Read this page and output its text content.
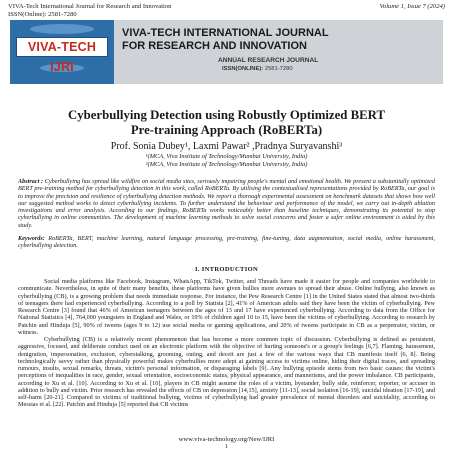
VIVA-Tech International Journal for Research and Innovation
ISSN(Online): 2581-7280
Volume 1, Issue 7 (2024)
VIVA-TECH IJRI
VIVA-TECH INTERNATIONAL JOURNAL
FOR RESEARCH AND INNOVATION
ANNUAL RESEARCH JOURNAL
ISSN(ONLINE): 2581-7280
Cyberbullying Detection using Robustly Optimized BERT
Pre-training Approach (RoBERTa)
Prof. Sonia Dubey¹, Laxmi Pawar² ,Pradnya Suryavanshi³
¹(MCA, Viva Institute of Technology/Mumbai University, India)
²(MCA, Viva Institute of Technology/Mumbai University, India)
Abstract : Cyberbullying has spread like wildfire on social media sites, seriously impairing people's mental and emotional health. We present a substantially optimized BERT pre-training method for cyberbullying detection in this work, called RoBERTa. By utilising the contextualised representations provided by RoBERTa, our goal is to improve the precision and resilience of cyberbullying detection methods. We report a thorough experimental assessment on benchmark datasets that shows how well our suggested method works to detect cyberbullying incidents. To further understand the behaviour and performance of the model, we carry out in-depth ablation investigations and error analysis. According to our findings, RoBERTa works noticeably better than baseline techniques, demonstrating its potential to stop cyberbullying in online communities. The development of machine learning methods to solve social concerns and foster a safer online environment is aided by this study.
Keywords: RoBERTa, BERT, machine learning, natural language processing, pre-training, fine-tuning, data augmentation, social media, online harassment, cyberbullying detection.
I. INTRODUCTION

Social media platforms like Facebook, Instagram, WhatsApp, TikTok, Twitter, and Threads have made it easier for people and companies worldwide to communicate. Nevertheless, in spite of their many benefits, these platforms have given bullies more avenues to spread their abuse. Online bullying, also known as cyberbullying (CB), is a growing problem that needs immediate response. For instance, the Pew Research Centre [1] in the United States stated that almost two-thirds of teenagers there had experienced cyberbullying. According to a poll by Statista [2], 41% of American adults said they have been the victim of cyberbullying. Pew Research Centre [3] found that 46% of American teenagers between the ages of 13 and 17 have experienced cyberbullying. According to data from the Office for National Statistics [4], 764,000 youngsters in England and Wales, or 19% of children aged 10 to 15, have been the victims of cyberbullying. According to research by Patchin and Hinduja [5], 90% of tweens (ages 9 to 12) use social media or gaming applications, and 20% of tweens participate in CB as a perpetrator, victim, or witness.

Cyberbullying (CB) is a relatively recent phenomenon that has become a more common topic of discussion. Cyberbullying is defined as persistent, aggressive, focused, and deliberate conduct used on an electronic platform with the objective of hurting someone's or a group's feelings [6,7]. Flaming, harassment, denigration, impersonation, exclusion, cyberstalking, grooming, outing, and deceit are just a few of the various ways that CB manifests itself [6, 8]. Being technologically savvy rather than physically powerful makes cyberbullies more adept at gaining access to victims online, hiding their digital traces, and spreading rumours, insults, sexual remarks, threats, victim's personal information, or disparaging labels [9]. Any bullying episode stems from two basic causes: the victim's perceptions of inequalities in race, gender, sexual orientation, socioeconomic status, physical appearance, and mannerisms, and the power imbalance. CB participants, according to Xu et al. [10]. According to Xu et al. [10], players in CB might assume the roles of a victim, bystander, bully side, reinforcer, reporter, or accuser in addition to bully and victim. Prior research has revealed the effects of CB on depression [14,15], anxiety [11-13], social isolation [16-19], suicidal ideation [17-19], and self-harm [20-21]. Compared to victims of traditional bullying, victims of cyberbullying had greater prevalence of mental disorders and suicidality, according to Messias et al. [22]. Patchin and Hinduja [5] reported that CB victims

www.viva-technology.org/New/IJRI
1
